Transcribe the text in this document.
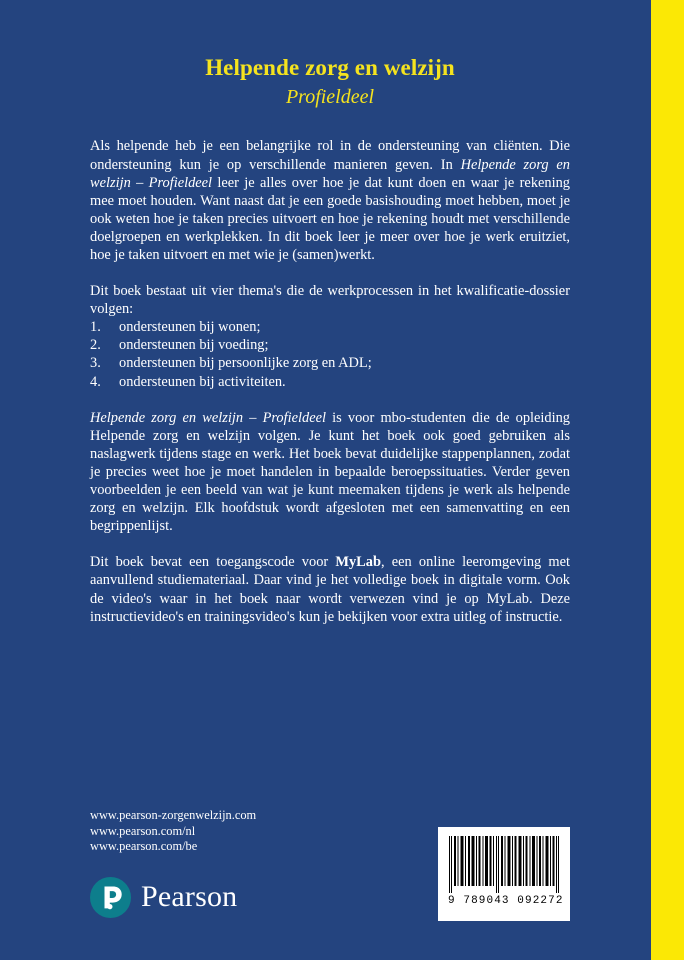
Helpende zorg en welzijn
Profieldeel

Als helpende heb je een belangrijke rol in de ondersteuning van cliënten. Die ondersteuning kun je op verschillende manieren geven. In Helpende zorg en welzijn – Profieldeel leer je alles over hoe je dat kunt doen en waar je rekening mee moet houden. Want naast dat je een goede basishouding moet hebben, moet je ook weten hoe je taken precies uitvoert en hoe je rekening houdt met verschillende doelgroepen en werkplekken. In dit boek leer je meer over hoe je werk eruitziet, hoe je taken uitvoert en met wie je (samen)werkt.

Dit boek bestaat uit vier thema's die de werkprocessen in het kwalificatie-dossier volgen:

1. ondersteunen bij wonen;
2. ondersteunen bij voeding;
3. ondersteunen bij persoonlijke zorg en ADL;
4. ondersteunen bij activiteiten.

Helpende zorg en welzijn – Profieldeel is voor mbo-studenten die de opleiding Helpende zorg en welzijn volgen. Je kunt het boek ook goed gebruiken als naslagwerk tijdens stage en werk. Het boek bevat duidelijke stappenplannen, zodat je precies weet hoe je moet handelen in bepaalde beroepssituaties. Verder geven voorbeelden je een beeld van wat je kunt meemaken tijdens je werk als helpende zorg en welzijn. Elk hoofdstuk wordt afgesloten met een samenvatting en een begrippenlijst.

Dit boek bevat een toegangscode voor MyLab, een online leeromgeving met aanvullend studiemateriaal. Daar vind je het volledige boek in digitale vorm. Ook de video's waar in het boek naar wordt verwezen vind je op MyLab. Deze instructievideo's en trainingsvideo's kun je bekijken voor extra uitleg of instructie.

www.pearson-zorgenwelzijn.com
www.pearson.com/nl
www.pearson.com/be
Pearson	9 789043 092272
